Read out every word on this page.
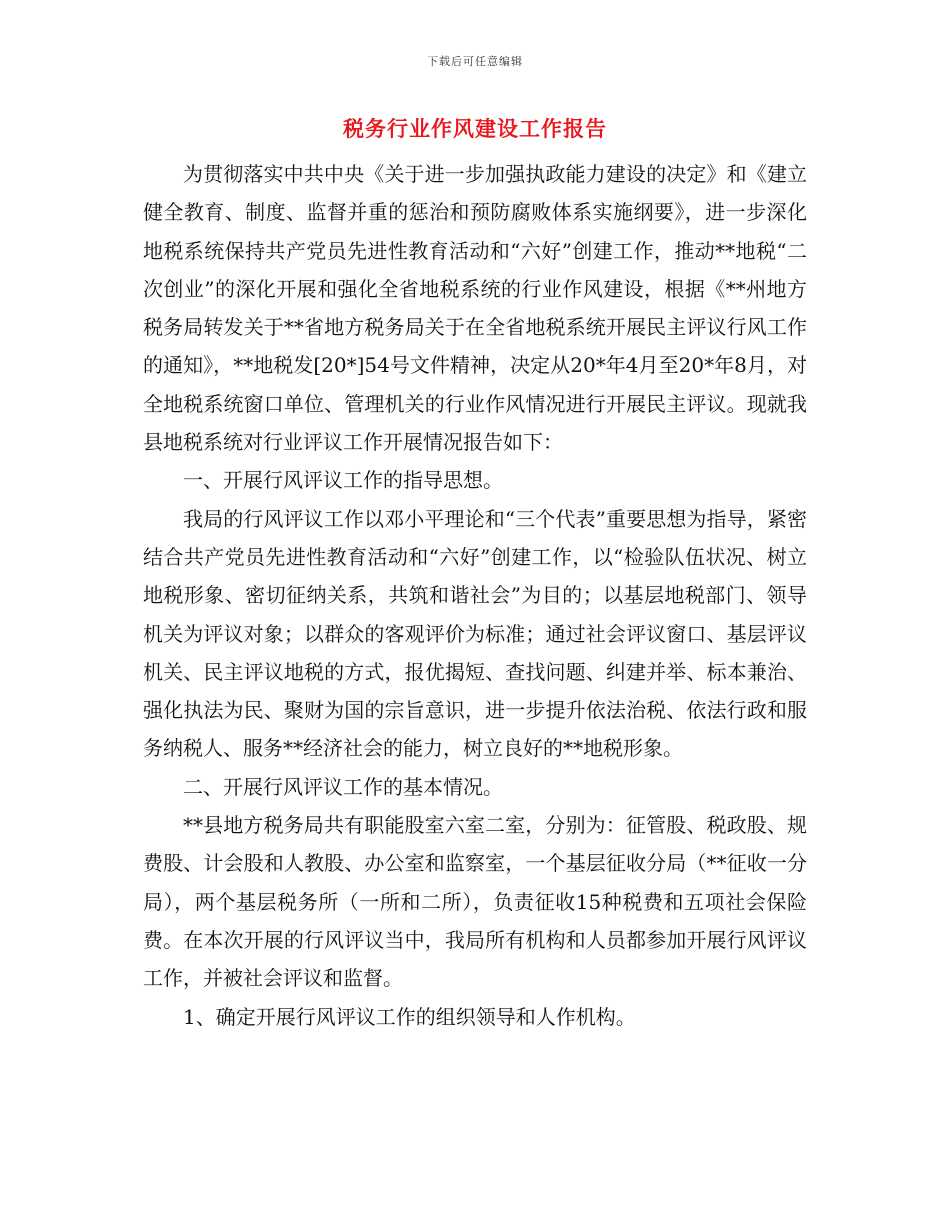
下载后可任意编辑
税务行业作风建设工作报告

为贯彻落实中共中央《关于进一步加强执政能力建设的决定》和《建立健全教育、制度、监督并重的惩治和预防腐败体系实施纲要》，进一步深化地税系统保持共产党员先进性教育活动和“六好”创建工作，推动**地税“二次创业”的深化开展和强化全省地税系统的行业作风建设，根据《**州地方税务局转发关于**省地方税务局关于在全省地税系统开展民主评议行风工作的通知》，**地税发[20*]54号文件精神，决定从20*年4月至20*年8月，对全地税系统窗口单位、管理机关的行业作风情况进行开展民主评议。现就我县地税系统对行业评议工作开展情况报告如下：

一、开展行风评议工作的指导思想。

我局的行风评议工作以邓小平理论和“三个代表”重要思想为指导，紧密结合共产党员先进性教育活动和“六好”创建工作，以“检验队伍状况、树立地税形象、密切征纳关系，共筑和谐社会”为目的；以基层地税部门、领导机关为评议对象；以群众的客观评价为标准；通过社会评议窗口、基层评议机关、民主评议地税的方式，报优揭短、查找问题、纠建并举、标本兼治、强化执法为民、聚财为国的宗旨意识，进一步提升依法治税、依法行政和服务纳税人、服务**经济社会的能力，树立良好的**地税形象。

二、开展行风评议工作的基本情况。

**县地方税务局共有职能股室六室二室，分别为：征管股、税政股、规费股、计会股和人教股、办公室和监察室，一个基层征收分局（**征收一分局），两个基层税务所（一所和二所），负责征收15种税费和五项社会保险费。在本次开展的行风评议当中，我局所有机构和人员都参加开展行风评议工作，并被社会评议和监督。

1、确定开展行风评议工作的组织领导和人作机构。
